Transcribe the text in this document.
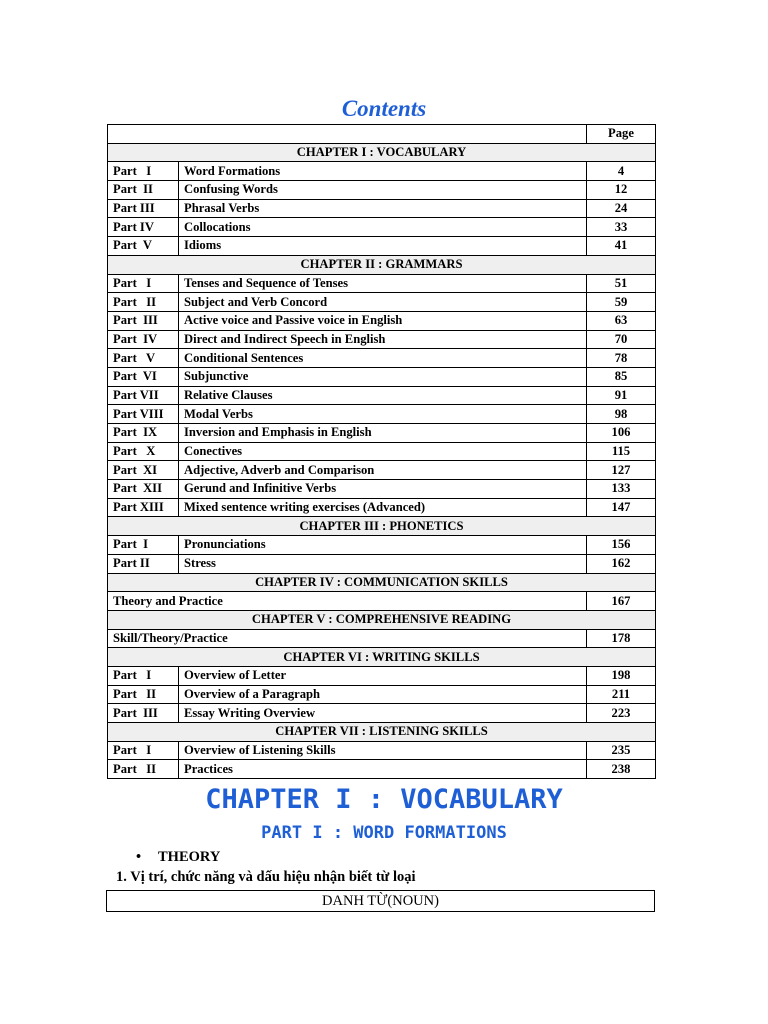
Contents
		Page
CHAPTER I : VOCABULARY		
Part   I	Word Formations	4
Part  II	Confusing Words	12
Part III	Phrasal Verbs	24
Part IV	Collocations	33
Part  V	Idioms	41
CHAPTER II : GRAMMARS		
Part   I	Tenses and Sequence of Tenses	51
Part   II	Subject and Verb Concord	59
Part  III	Active voice and Passive voice in English	63
Part  IV	Direct and Indirect Speech in English	70
Part   V	Conditional Sentences	78
Part  VI	Subjunctive	85
Part VII	Relative Clauses	91
Part VIII	Modal Verbs	98
Part  IX	Inversion and Emphasis in English	106
Part   X	Conectives	115
Part  XI	Adjective, Adverb and Comparison	127
Part  XII	Gerund and Infinitive Verbs	133
Part XIII	Mixed sentence writing exercises (Advanced)	147
CHAPTER III : PHONETICS		
Part  I	Pronunciations	156
Part II	Stress	162
CHAPTER IV : COMMUNICATION SKILLS		
Theory and Practice		167
CHAPTER V : COMPREHENSIVE READING		
Skill/Theory/Practice		178
CHAPTER VI : WRITING SKILLS		
Part   I	Overview of Letter	198
Part   II	Overview of a Paragraph	211
Part  III	Essay Writing Overview	223
CHAPTER VII : LISTENING SKILLS		
Part   I	Overview of Listening Skills	235
Part   II	Practices	238
CHAPTER I : VOCABULARY
PART I : WORD FORMATIONS
• THEORY
1. Vị trí, chức năng và dấu hiệu nhận biết từ loại
DANH TỪ(NOUN)
